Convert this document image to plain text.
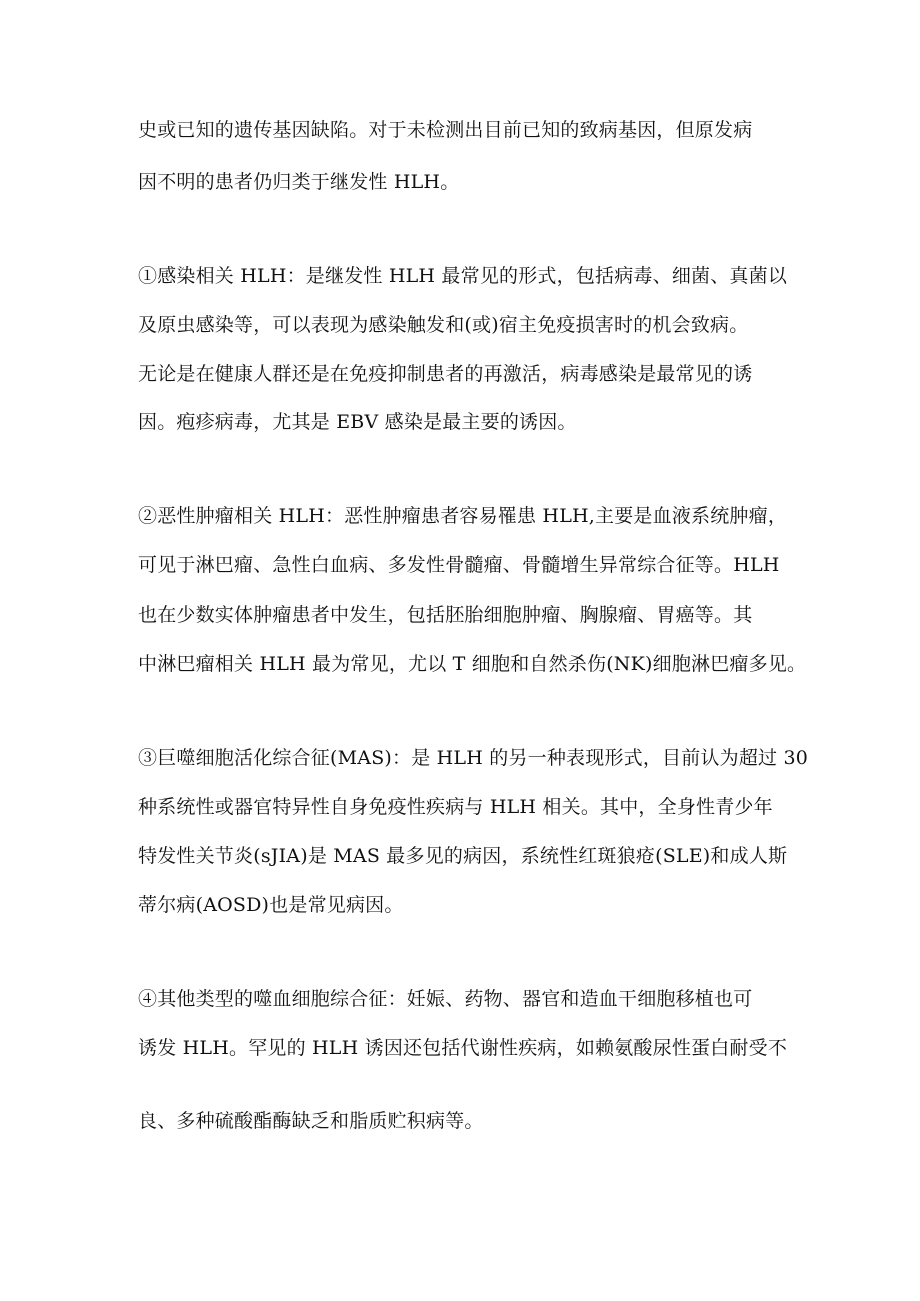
史或已知的遗传基因缺陷。对于未检测出目前已知的致病基因，但原发病
因不明的患者仍归类于继发性 HLH。
①感染相关 HLH：是继发性 HLH 最常见的形式，包括病毒、细菌、真菌以
及原虫感染等，可以表现为感染触发和(或)宿主免疫损害时的机会致病。
无论是在健康人群还是在免疫抑制患者的再激活，病毒感染是最常见的诱
因。疱疹病毒，尤其是 EBV 感染是最主要的诱因。
②恶性肿瘤相关 HLH：恶性肿瘤患者容易罹患 HLH,主要是血液系统肿瘤，
可见于淋巴瘤、急性白血病、多发性骨髓瘤、骨髓增生异常综合征等。HLH
也在少数实体肿瘤患者中发生，包括胚胎细胞肿瘤、胸腺瘤、胃癌等。其
中淋巴瘤相关 HLH 最为常见，尤以 T 细胞和自然杀伤(NK)细胞淋巴瘤多见。
③巨噬细胞活化综合征(MAS)：是 HLH 的另一种表现形式，目前认为超过 30
种系统性或器官特异性自身免疫性疾病与 HLH 相关。其中，全身性青少年
特发性关节炎(sJIA)是 MAS 最多见的病因，系统性红斑狼疮(SLE)和成人斯
蒂尔病(AOSD)也是常见病因。
④其他类型的噬血细胞综合征：妊娠、药物、器官和造血干细胞移植也可
诱发 HLH。罕见的 HLH 诱因还包括代谢性疾病，如赖氨酸尿性蛋白耐受不
良、多种硫酸酯酶缺乏和脂质贮积病等。
